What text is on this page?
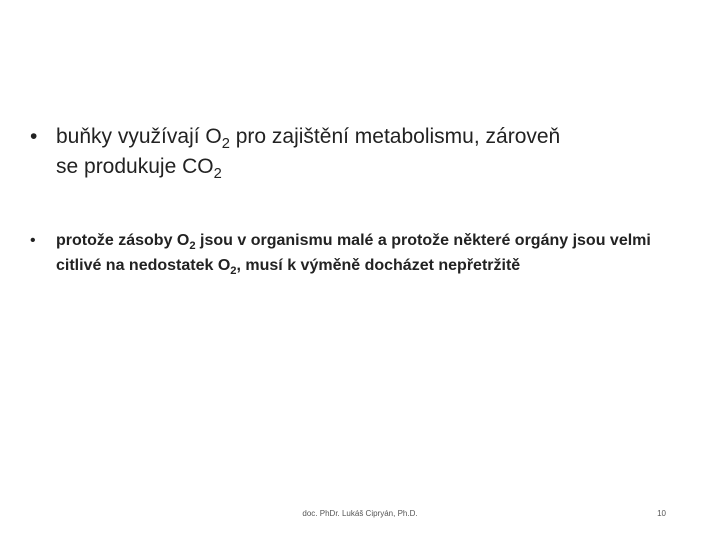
• buňky využívají $O_2$ pro zajištění metabolismu, zároveň
se produkuje $CO_2$
•	protože zásoby $O_2$ jsou v organismu malé a protože některé orgány jsou velmi citlivé na nedostatek $O_2$, musí k výměně docházet nepřetržitě
doc. PhDr. Lukáš Cipryán, Ph.D.	10
